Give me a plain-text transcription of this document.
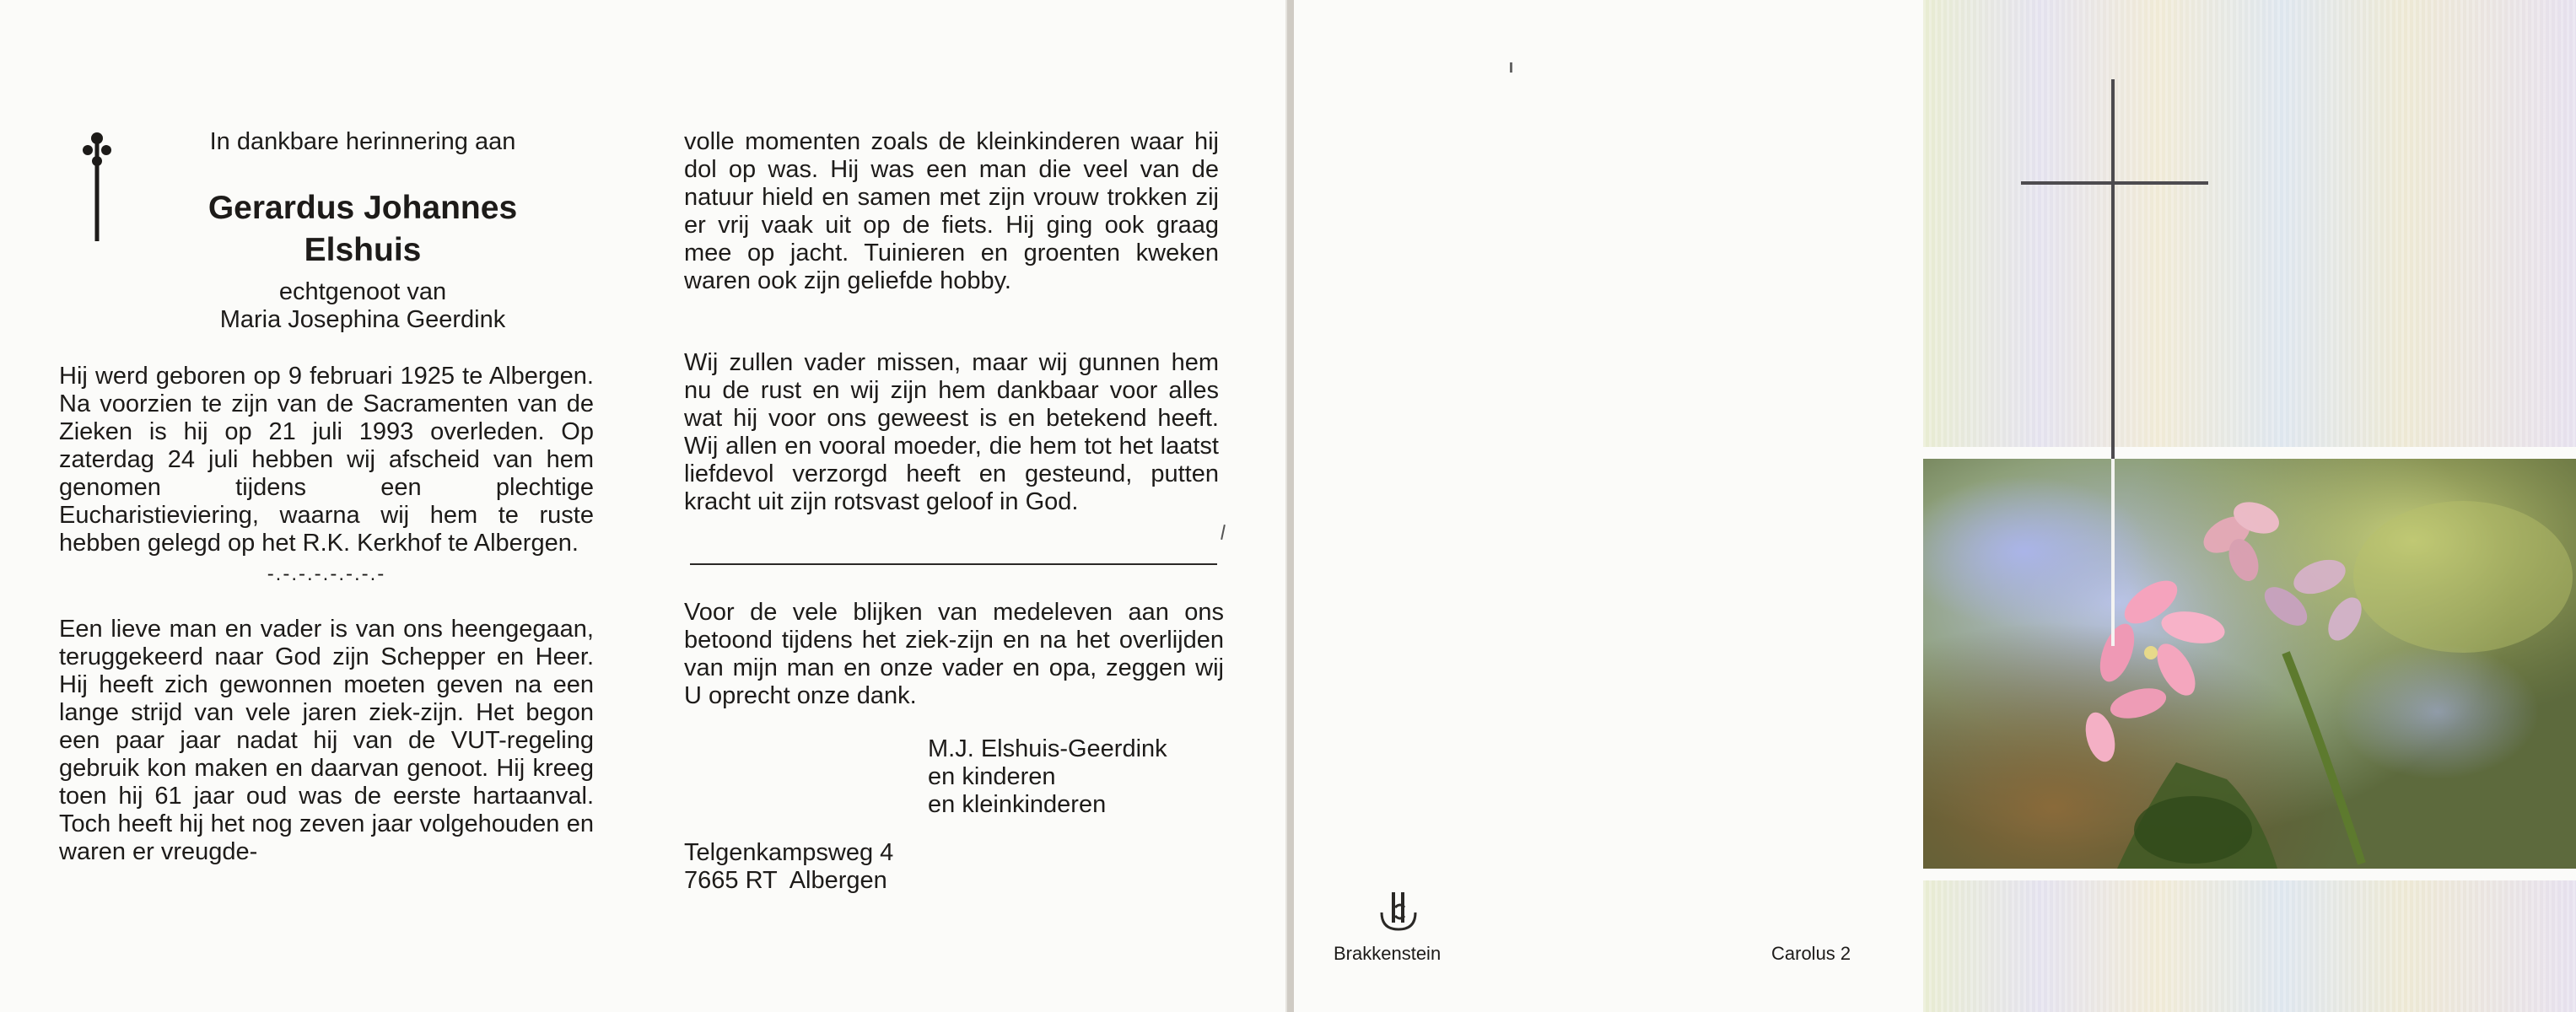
In dankbare herinnering aan
Gerardus Johannes
Elshuis
echtgenoot van
Maria Josephina Geerdink
Hij werd geboren op 9 februari 1925 te Albergen. Na voorzien te zijn van de Sacramenten van de Zieken is hij op 21 juli 1993 overleden. Op zaterdag 24 juli hebben wij afscheid van hem genomen tijdens een plechtige Eucharistieviering, waarna wij hem te ruste hebben gelegd op het R.K. Kerkhof te Albergen.
-.-.-.-.-.-.-.-
Een lieve man en vader is van ons heengegaan, teruggekeerd naar God zijn Schepper en Heer. Hij heeft zich gewonnen moeten geven na een lange strijd van vele jaren ziek-zijn. Het begon een paar jaar nadat hij van de VUT-regeling gebruik kon maken en daarvan genoot. Hij kreeg toen hij 61 jaar oud was de eerste hartaanval. Toch heeft hij het nog zeven jaar volgehouden en waren er vreugde-
volle momenten zoals de kleinkinderen waar hij dol op was. Hij was een man die veel van de natuur hield en samen met zijn vrouw trokken zij er vrij vaak uit op de fiets. Hij ging ook graag mee op jacht. Tuinieren en groenten kweken waren ook zijn geliefde hobby.
Wij zullen vader missen, maar wij gunnen hem nu de rust en wij zijn hem dankbaar voor alles wat hij voor ons geweest is en betekend heeft. Wij allen en vooral moeder, die hem tot het laatst liefdevol verzorgd heeft en gesteund, putten kracht uit zijn rotsvast geloof in God.
Voor de vele blijken van medeleven aan ons betoond tijdens het ziek-zijn en na het overlijden van mijn man en onze vader en opa, zeggen wij U oprecht onze dank.
M.J. Elshuis-Geerdink
en kinderen
en kleinkinderen
Telgenkampsweg 4
7665 RT  Albergen
Brakkenstein	Carolus 2
